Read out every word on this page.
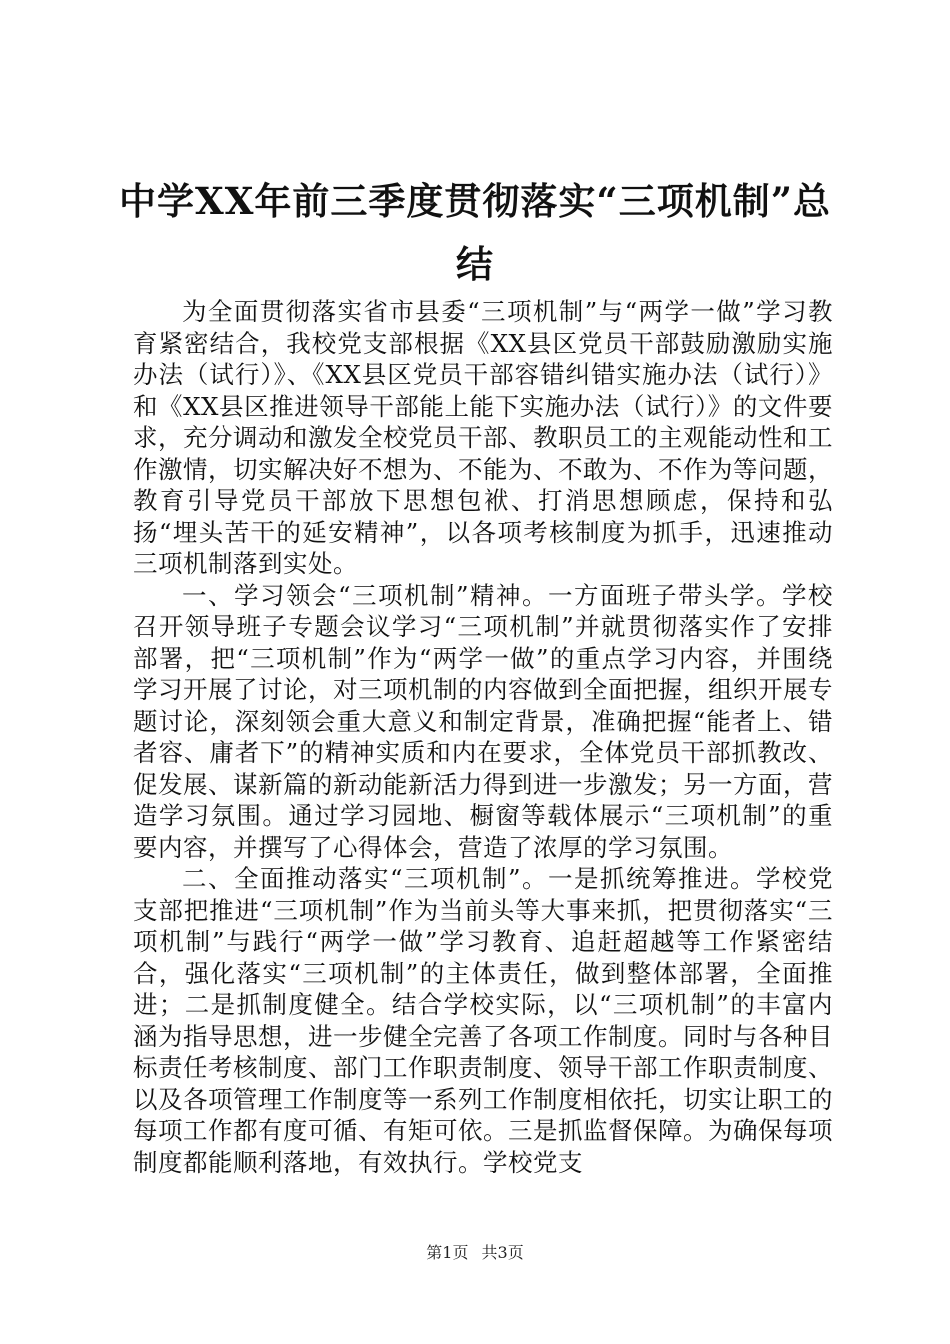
中学XX年前三季度贯彻落实“三项机制”总结

为全面贯彻落实省市县委“三项机制”与“两学一做”学习教育紧密结合，我校党支部根据《XX县区党员干部鼓励激励实施办法（试行）》、《XX县区党员干部容错纠错实施办法（试行）》和《XX县区推进领导干部能上能下实施办法（试行）》的文件要求，充分调动和激发全校党员干部、教职员工的主观能动性和工作激情，切实解决好不想为、不能为、不敢为、不作为等问题，教育引导党员干部放下思想包袱、打消思想顾虑，保持和弘扬“埋头苦干的延安精神”，以各项考核制度为抓手，迅速推动三项机制落到实处。

一、学习领会“三项机制”精神。一方面班子带头学。学校召开领导班子专题会议学习“三项机制”并就贯彻落实作了安排部署，把“三项机制”作为“两学一做”的重点学习内容，并围绕学习开展了讨论，对三项机制的内容做到全面把握，组织开展专题讨论，深刻领会重大意义和制定背景，准确把握“能者上、错者容、庸者下”的精神实质和内在要求，全体党员干部抓教改、促发展、谋新篇的新动能新活力得到进一步激发；另一方面，营造学习氛围。通过学习园地、橱窗等载体展示“三项机制”的重要内容，并撰写了心得体会，营造了浓厚的学习氛围。

二、全面推动落实“三项机制”。一是抓统筹推进。学校党支部把推进“三项机制”作为当前头等大事来抓，把贯彻落实“三项机制”与践行“两学一做”学习教育、追赶超越等工作紧密结合，强化落实“三项机制”的主体责任，做到整体部署，全面推进；二是抓制度健全。结合学校实际，以“三项机制”的丰富内涵为指导思想，进一步健全完善了各项工作制度。同时与各种目标责任考核制度、部门工作职责制度、领导干部工作职责制度、以及各项管理工作制度等一系列工作制度相依托，切实让职工的每项工作都有度可循、有矩可依。三是抓监督保障。为确保每项制度都能顺利落地，有效执行。学校党支

第1页 共3页
